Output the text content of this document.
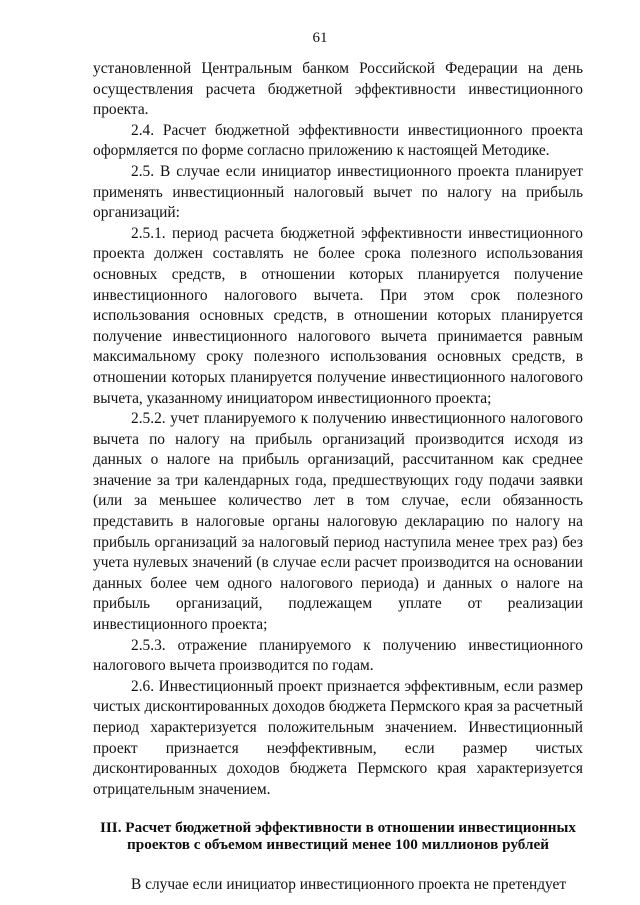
61

установленной Центральным банком Российской Федерации на день осуществления расчета бюджетной эффективности инвестиционного проекта.

2.4. Расчет бюджетной эффективности инвестиционного проекта оформляется по форме согласно приложению к настоящей Методике.

2.5. В случае если инициатор инвестиционного проекта планирует применять инвестиционный налоговый вычет по налогу на прибыль организаций:

2.5.1. период расчета бюджетной эффективности инвестиционного проекта должен составлять не более срока полезного использования основных средств, в отношении которых планируется получение инвестиционного налогового вычета. При этом срок полезного использования основных средств, в отношении которых планируется получение инвестиционного налогового вычета принимается равным максимальному сроку полезного использования основных средств, в отношении которых планируется получение инвестиционного налогового вычета, указанному инициатором инвестиционного проекта;

2.5.2. учет планируемого к получению инвестиционного налогового вычета по налогу на прибыль организаций производится исходя из данных о налоге на прибыль организаций, рассчитанном как среднее значение за три календарных года, предшествующих году подачи заявки (или за меньшее количество лет в том случае, если обязанность представить в налоговые органы налоговую декларацию по налогу на прибыль организаций за налоговый период наступила менее трех раз) без учета нулевых значений (в случае если расчет производится на основании данных более чем одного налогового периода) и данных о налоге на прибыль организаций, подлежащем уплате от реализации инвестиционного проекта;

2.5.3. отражение планируемого к получению инвестиционного налогового вычета производится по годам.

2.6. Инвестиционный проект признается эффективным, если размер чистых дисконтированных доходов бюджета Пермского края за расчетный период характеризуется положительным значением. Инвестиционный проект признается неэффективным, если размер чистых дисконтированных доходов бюджета Пермского края характеризуется отрицательным значением.

III. Расчет бюджетной эффективности в отношении инвестиционных
проектов с объемом инвестиций менее 100 миллионов рублей

В случае если инициатор инвестиционного проекта не претендует
